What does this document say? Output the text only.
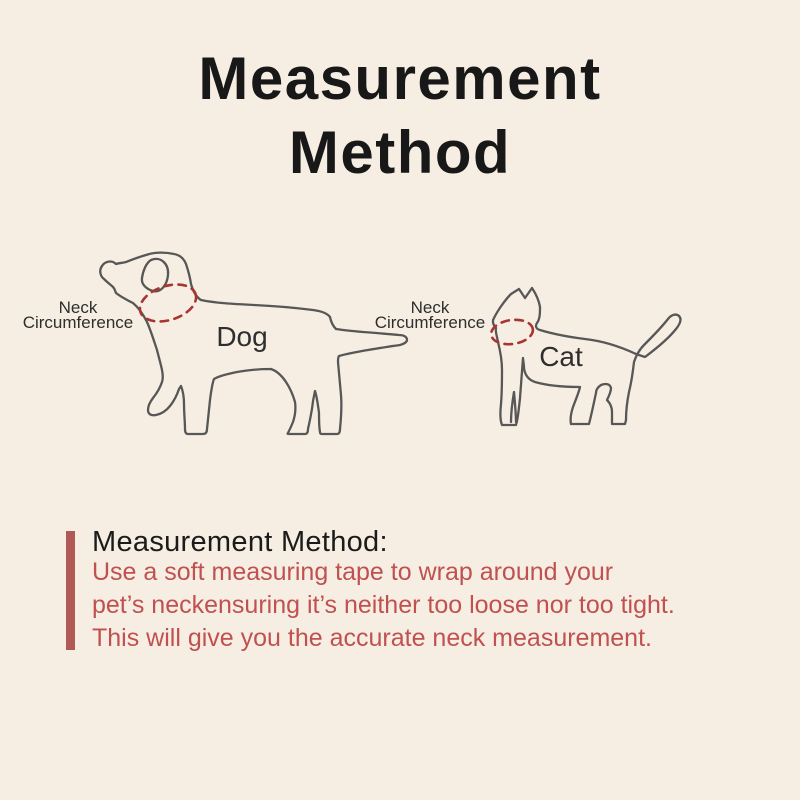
Measurement
Method
Neck Circumference
Neck Circumference
Dog
Cat
Measurement Method:
Use a soft measuring tape to wrap around your
pet’s neckensuring it’s neither too loose nor too tight.
This will give you the accurate neck measurement.
